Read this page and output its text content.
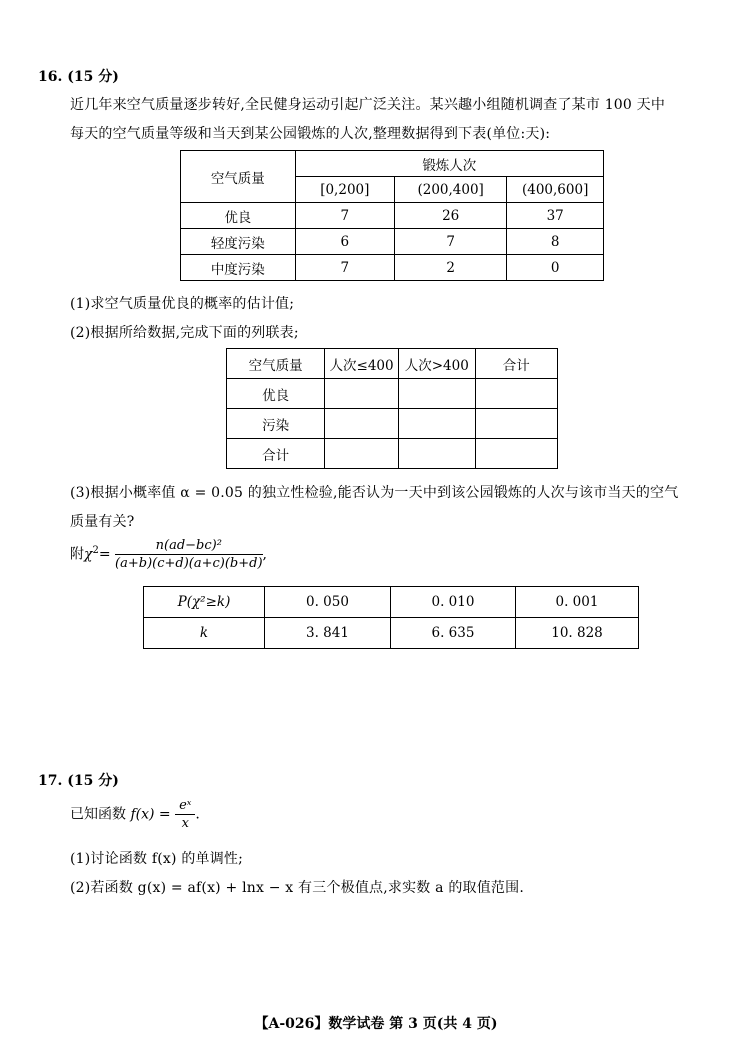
16. (15 分)
近几年来空气质量逐步转好,全民健身运动引起广泛关注。某兴趣小组随机调查了某市 100 天中
每天的空气质量等级和当天到某公园锻炼的人次,整理数据得到下表(单位:天):
空气质量	锻炼人次		
	[0,200]	(200,400]	(400,600]
优良	7	26	37
轻度污染	6	7	8
中度污染	7	2	0
(1)求空气质量优良的概率的估计值;
(2)根据所给数据,完成下面的列联表;
空气质量	人次≤400	人次>400	合计
优良			
污染			
合计			
(3)根据小概率值 α = 0.05 的独立性检验,能否认为一天中到该公园锻炼的人次与该市当天的空气
质量有关?
附$\chi^2= \frac{\text{n(ad−bc)²}}{(a+b)(c+d)(a+c)(b+d)}$ ,
P(χ²≥k)	0. 050	0. 010	0. 001
k	3. 841	6. 635	10. 828
17. (15 分)
已知函数 $f(x) = \frac{\text{eˣ}}{x}$ .
(1)讨论函数 f(x) 的单调性;
(2)若函数 g(x) = af(x) + lnx − x 有三个极值点,求实数 a 的取值范围.
【A-026】数学试卷 第 3 页(共 4 页)
